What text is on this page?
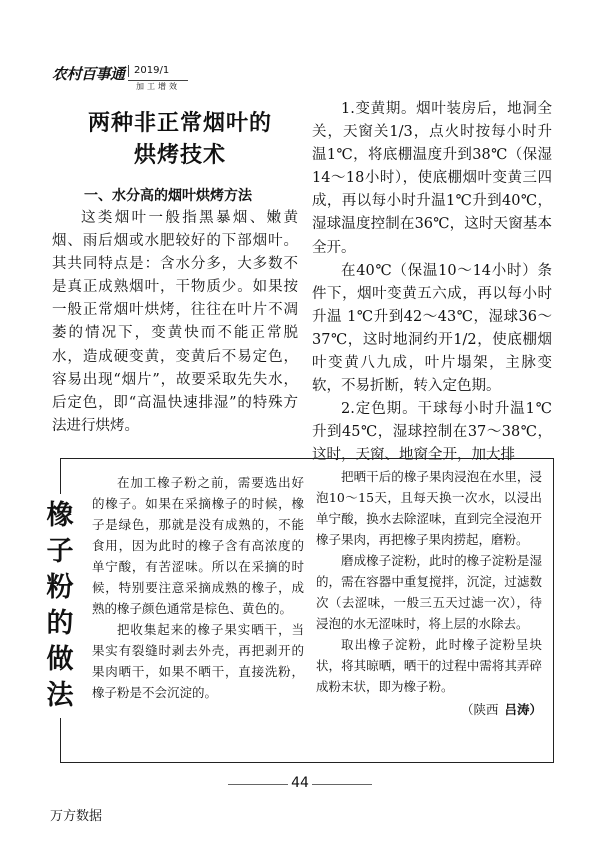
农村百事通 2019/1
加工增效
两种非正常烟叶的
烘烤技术
一、水分高的烟叶烘烤方法

这类烟叶一般指黑暴烟、嫩黄烟、雨后烟或水肥较好的下部烟叶。其共同特点是：含水分多，大多数不是真正成熟烟叶，干物质少。如果按一般正常烟叶烘烤，往往在叶片不凋萎的情况下，变黄快而不能正常脱水，造成硬变黄，变黄后不易定色，容易出现“烟片”，故要采取先失水，后定色，即“高温快速排湿”的特殊方法进行烘烤。

1.变黄期。烟叶装房后，地洞全关，天窗关1/3，点火时按每小时升温1℃，将底棚温度升到38℃（保湿14～18小时），使底棚烟叶变黄三四成，再以每小时升温1℃升到40℃，湿球温度控制在36℃，这时天窗基本全开。

在40℃（保温10～14小时）条件下，烟叶变黄五六成，再以每小时升温 1℃升到42～43℃，湿球36～37℃，这时地洞约开1/2，使底棚烟叶变黄八九成，叶片塌架，主脉变软，不易折断，转入定色期。

2.定色期。干球每小时升温1℃升到45℃，湿球控制在37～38℃，这时，天窗、地窗全开，加大排

橡子粉的做法

在加工橡子粉之前，需要选出好的橡子。如果在采摘橡子的时候，橡子是绿色，那就是没有成熟的，不能食用，因为此时的橡子含有高浓度的单宁酸，有苦涩味。所以在采摘的时候，特别要注意采摘成熟的橡子，成熟的橡子颜色通常是棕色、黄色的。

把收集起来的橡子果实晒干，当果实有裂缝时剥去外壳，再把剥开的果肉晒干，如果不晒干，直接洗粉，橡子粉是不会沉淀的。

把晒干后的橡子果肉浸泡在水里，浸泡10～15天，且每天换一次水，以浸出单宁酸，换水去除涩味，直到完全浸泡开橡子果肉，再把橡子果肉捞起，磨粉。

磨成橡子淀粉，此时的橡子淀粉是湿的，需在容器中重复搅拌，沉淀，过滤数次（去涩味，一般三五天过滤一次），待浸泡的水无涩味时，将上层的水除去。

取出橡子淀粉，此时橡子淀粉呈块状，将其晾晒，晒干的过程中需将其弄碎成粉末状，即为橡子粉。

（陕西 吕涛）
44
万方数据
